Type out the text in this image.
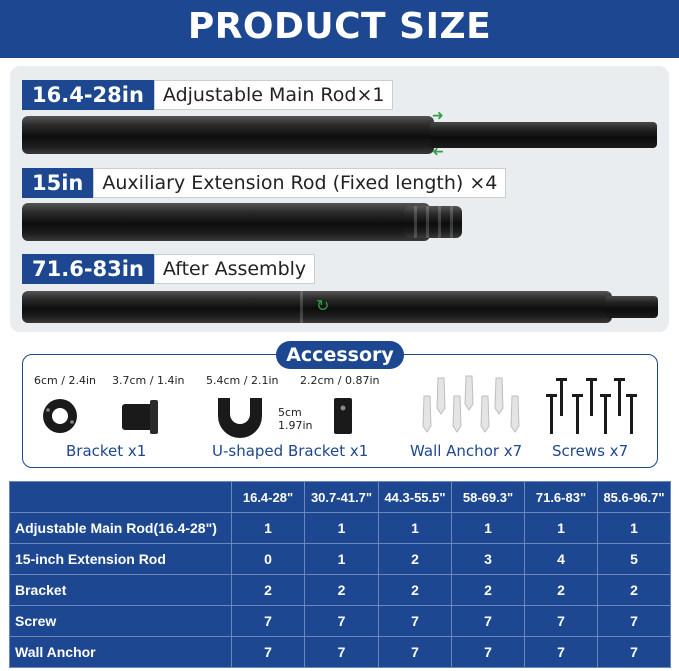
PRODUCT SIZE
16.4-28in	Adjustable Main Rod×1
➜
➜
15in	Auxiliary Extension Rod (Fixed length) ×4
71.6-83in	After Assembly
↻
Accessory
6cm / 2.4in 3.7cm / 1.4in
Bracket x1
5.4cm / 2.1in 2.2cm / 0.87in
5cm
1.97in
U-shaped Bracket x1	Wall Anchor x7 Screws x7
	16.4-28"	30.7-41.7"	44.3-55.5"	58-69.3"	71.6-83"	85.6-96.7"
Adjustable Main Rod(16.4-28")	1	1	1	1	1	1
15-inch Extension Rod	0	1	2	3	4	5
Bracket	2	2	2	2	2	2
Screw	7	7	7	7	7	7
Wall Anchor	7	7	7	7	7	7
